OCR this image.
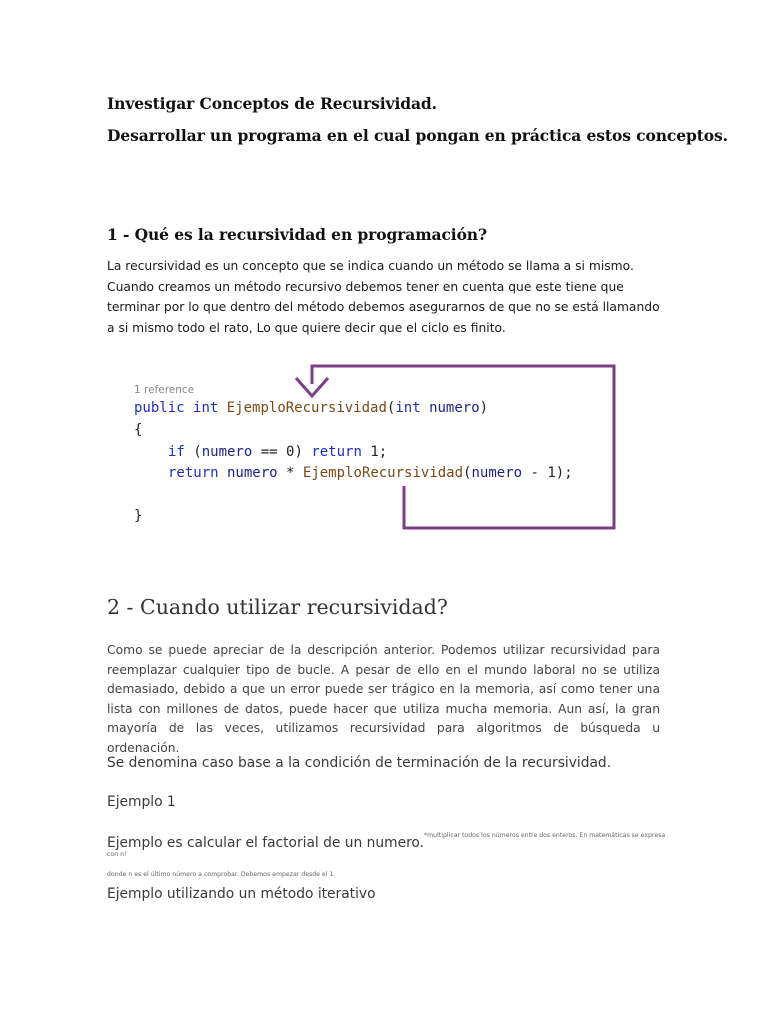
Investigar Conceptos de Recursividad.
Desarrollar un programa en el cual pongan en práctica estos conceptos.
1 - Qué es la recursividad en programación?
La recursividad es un concepto que se indica cuando un método se llama a si mismo.
Cuando creamos un método recursivo debemos tener en cuenta que este tiene que
terminar por lo que dentro del método debemos asegurarnos de que no se está llamando
a si mismo todo el rato, Lo que quiere decir que el ciclo es finito.
1 reference
public int EjemploRecursividad(int numero)
{
if (numero == 0) return 1;
return numero * EjemploRecursividad(numero - 1);
}
2 - Cuando utilizar recursividad?
Como se puede apreciar de la descripción anterior. Podemos utilizar recursividad para reemplazar cualquier tipo de bucle. A pesar de ello en el mundo laboral no se utiliza demasiado, debido a que un error puede ser trágico en la memoria, así como tener una lista con millones de datos, puede hacer que utiliza mucha memoria. Aun así, la gran mayoría de las veces, utilizamos recursividad para algoritmos de búsqueda u ordenación.
Se denomina caso base a la condición de terminación de la recursividad.
Ejemplo 1
Ejemplo es calcular el factorial de un numero.$^{*multiplicar todos los números entre dos enteros. En matemáticas se expresa con n!}$
donde n es el último número a comprobar. Debemos empezar desde el 1.
Ejemplo utilizando un método iterativo
